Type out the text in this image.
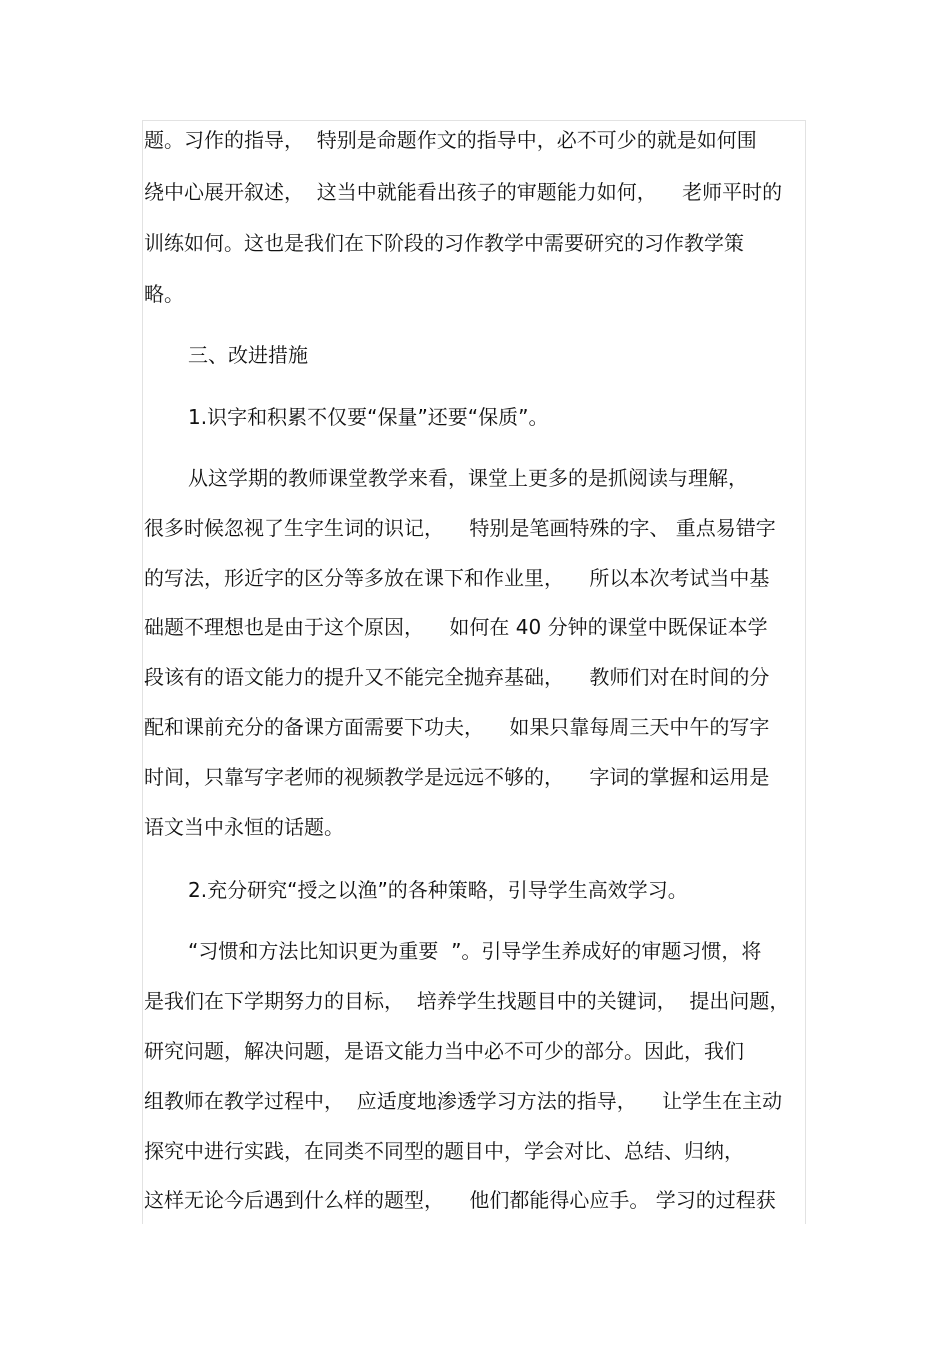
题。习作的指导，  特别是命题作文的指导中，必不可少的就是如何围
绕中心展开叙述，  这当中就能看出孩子的审题能力如何，    老师平时的
训练如何。这也是我们在下阶段的习作教学中需要研究的习作教学策
略。
三、改进措施
1.识字和积累不仅要“保量”还要“保质”。
从这学期的教师课堂教学来看，课堂上更多的是抓阅读与理解，
很多时候忽视了生字生词的识记，    特别是笔画特殊的字、 重点易错字
的写法，形近字的区分等多放在课下和作业里，    所以本次考试当中基
础题不理想也是由于这个原因，    如何在 40 分钟的课堂中既保证本学
段该有的语文能力的提升又不能完全抛弃基础，    教师们对在时间的分
配和课前充分的备课方面需要下功夫，    如果只靠每周三天中午的写字
时间，只靠写字老师的视频教学是远远不够的，    字词的掌握和运用是
语文当中永恒的话题。
2.充分研究“授之以渔”的各种策略，引导学生高效学习。
“习惯和方法比知识更为重要  ”。引导学生养成好的审题习惯，将
是我们在下学期努力的目标，  培养学生找题目中的关键词，  提出问题，
研究问题，解决问题，是语文能力当中必不可少的部分。因此，我们
组教师在教学过程中，  应适度地渗透学习方法的指导，    让学生在主动
探究中进行实践，在同类不同型的题目中，学会对比、总结、归纳，
这样无论今后遇到什么样的题型，    他们都能得心应手。 学习的过程获
